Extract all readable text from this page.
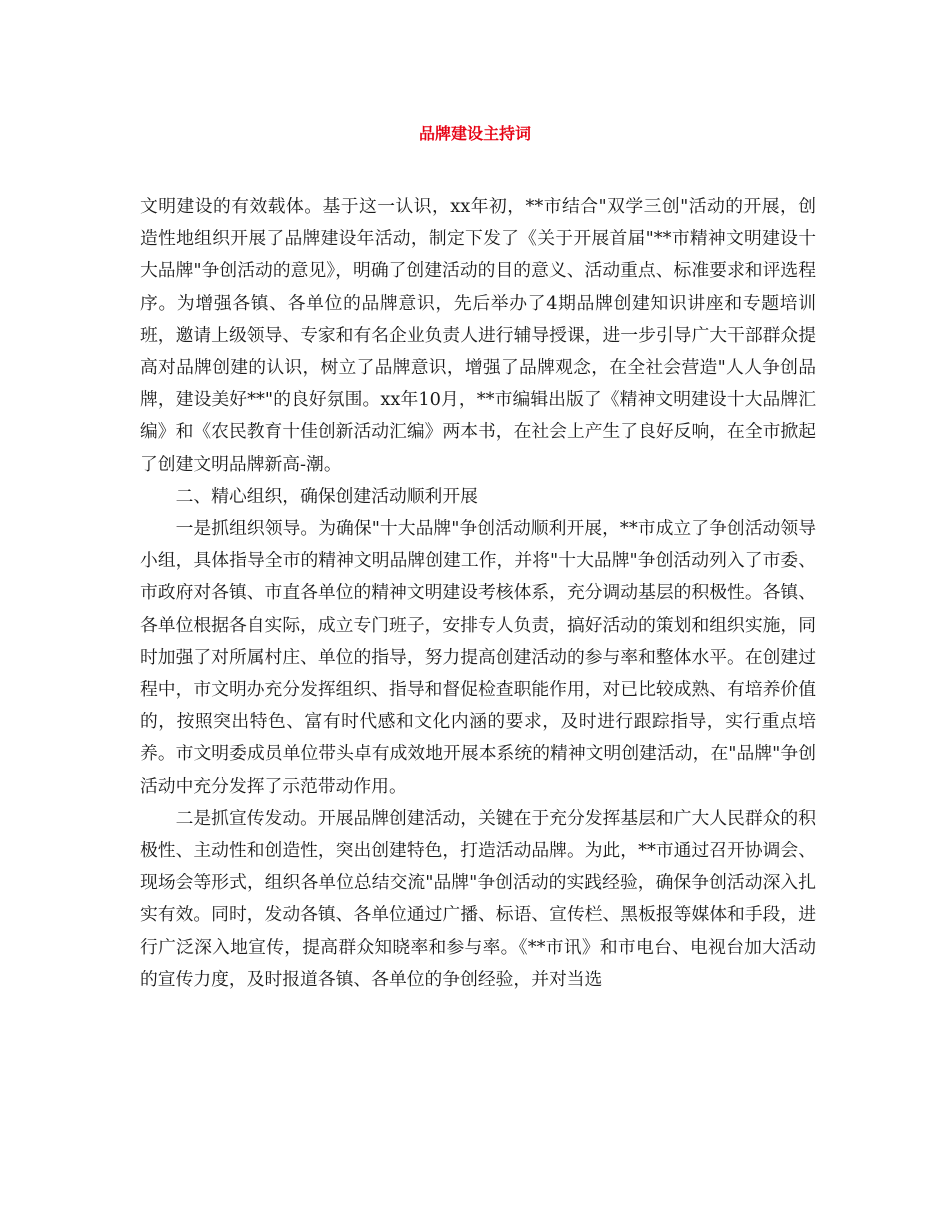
品牌建设主持词

文明建设的有效载体。基于这一认识，xx年初，**市结合"双学三创"活动的开展，创造性地组织开展了品牌建设年活动，制定下发了《关于开展首届"**市精神文明建设十大品牌"争创活动的意见》，明确了创建活动的目的意义、活动重点、标准要求和评选程序。为增强各镇、各单位的品牌意识，先后举办了4期品牌创建知识讲座和专题培训班，邀请上级领导、专家和有名企业负责人进行辅导授课，进一步引导广大干部群众提高对品牌创建的认识，树立了品牌意识，增强了品牌观念，在全社会营造"人人争创品牌，建设美好**"的良好氛围。xx年10月，**市编辑出版了《精神文明建设十大品牌汇编》和《农民教育十佳创新活动汇编》两本书，在社会上产生了良好反响，在全市掀起了创建文明品牌新高-潮。

二、精心组织，确保创建活动顺利开展

一是抓组织领导。为确保"十大品牌"争创活动顺利开展，**市成立了争创活动领导小组，具体指导全市的精神文明品牌创建工作，并将"十大品牌"争创活动列入了市委、市政府对各镇、市直各单位的精神文明建设考核体系，充分调动基层的积极性。各镇、各单位根据各自实际，成立专门班子，安排专人负责，搞好活动的策划和组织实施，同时加强了对所属村庄、单位的指导，努力提高创建活动的参与率和整体水平。在创建过程中，市文明办充分发挥组织、指导和督促检查职能作用，对已比较成熟、有培养价值的，按照突出特色、富有时代感和文化内涵的要求，及时进行跟踪指导，实行重点培养。市文明委成员单位带头卓有成效地开展本系统的精神文明创建活动，在"品牌"争创活动中充分发挥了示范带动作用。

二是抓宣传发动。开展品牌创建活动，关键在于充分发挥基层和广大人民群众的积极性、主动性和创造性，突出创建特色，打造活动品牌。为此，**市通过召开协调会、现场会等形式，组织各单位总结交流"品牌"争创活动的实践经验，确保争创活动深入扎实有效。同时，发动各镇、各单位通过广播、标语、宣传栏、黑板报等媒体和手段，进行广泛深入地宣传，提高群众知晓率和参与率。《**市讯》和市电台、电视台加大活动的宣传力度，及时报道各镇、各单位的争创经验，并对当选
